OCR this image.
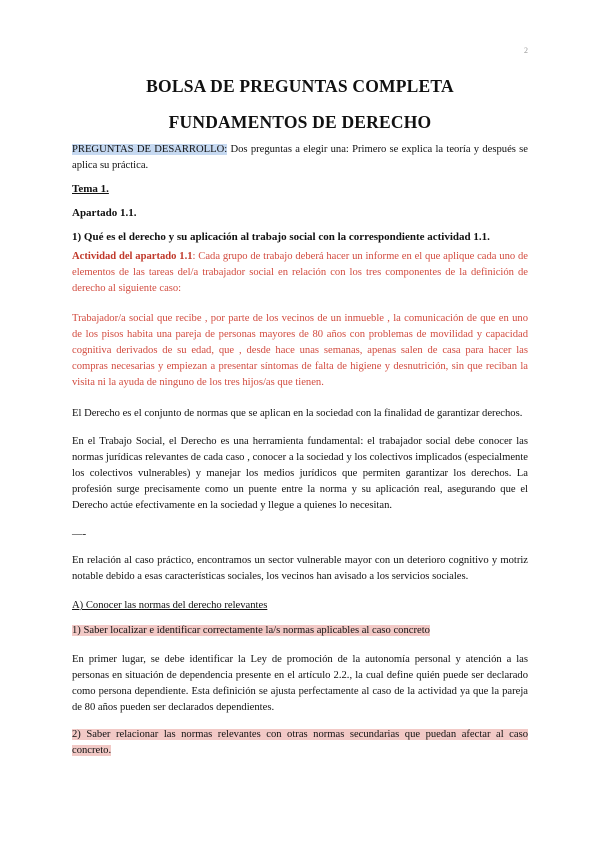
2
BOLSA DE PREGUNTAS COMPLETA
FUNDAMENTOS DE DERECHO
PREGUNTAS DE DESARROLLO: Dos preguntas a elegir una: Primero se explica la teoría y después se aplica su práctica.
Tema 1.
Apartado 1.1.
1) Qué es el derecho y su aplicación al trabajo social con la correspondiente actividad 1.1.
Actividad del apartado 1.1: Cada grupo de trabajo deberá hacer un informe en el que aplique cada uno de elementos de las tareas del/a trabajador social en relación con los tres componentes de la definición de derecho al siguiente caso:
Trabajador/a social que recibe , por parte de los vecinos de un inmueble , la comunicación de que en uno de los pisos habita una pareja de personas mayores de 80 años con problemas de movilidad y capacidad cognitiva derivados de su edad, que , desde hace unas semanas, apenas salen de casa para hacer las compras necesarias y empiezan a presentar síntomas de falta de higiene y desnutrición, sin que reciban la visita ni la ayuda de ninguno de los tres hijos/as que tienen.
El Derecho es el conjunto de normas que se aplican en la sociedad con la finalidad de garantizar derechos.
En el Trabajo Social, el Derecho es una herramienta fundamental: el trabajador social debe conocer las normas jurídicas relevantes de cada caso , conocer a la sociedad y los colectivos implicados (especialmente los colectivos vulnerables) y manejar los medios jurídicos que permiten garantizar los derechos. La profesión surge precisamente como un puente entre la norma y su aplicación real, asegurando que el Derecho actúe efectivamente en la sociedad y llegue a quienes lo necesitan.
—-
En relación al caso práctico, encontramos un sector vulnerable mayor con un deterioro cognitivo y motriz notable debido a esas características sociales, los vecinos han avisado a los servicios sociales.
A) Conocer las normas del derecho relevantes
1) Saber localizar e identificar correctamente la/s normas aplicables al caso concreto
En primer lugar, se debe identificar la Ley de promoción de la autonomía personal y atención a las personas en situación de dependencia presente en el artículo 2.2., la cual define quién puede ser declarado como persona dependiente. Esta definición se ajusta perfectamente al caso de la actividad ya que la pareja de 80 años pueden ser declarados dependientes.
2) Saber relacionar las normas relevantes con otras normas secundarias que puedan afectar al caso concreto.
